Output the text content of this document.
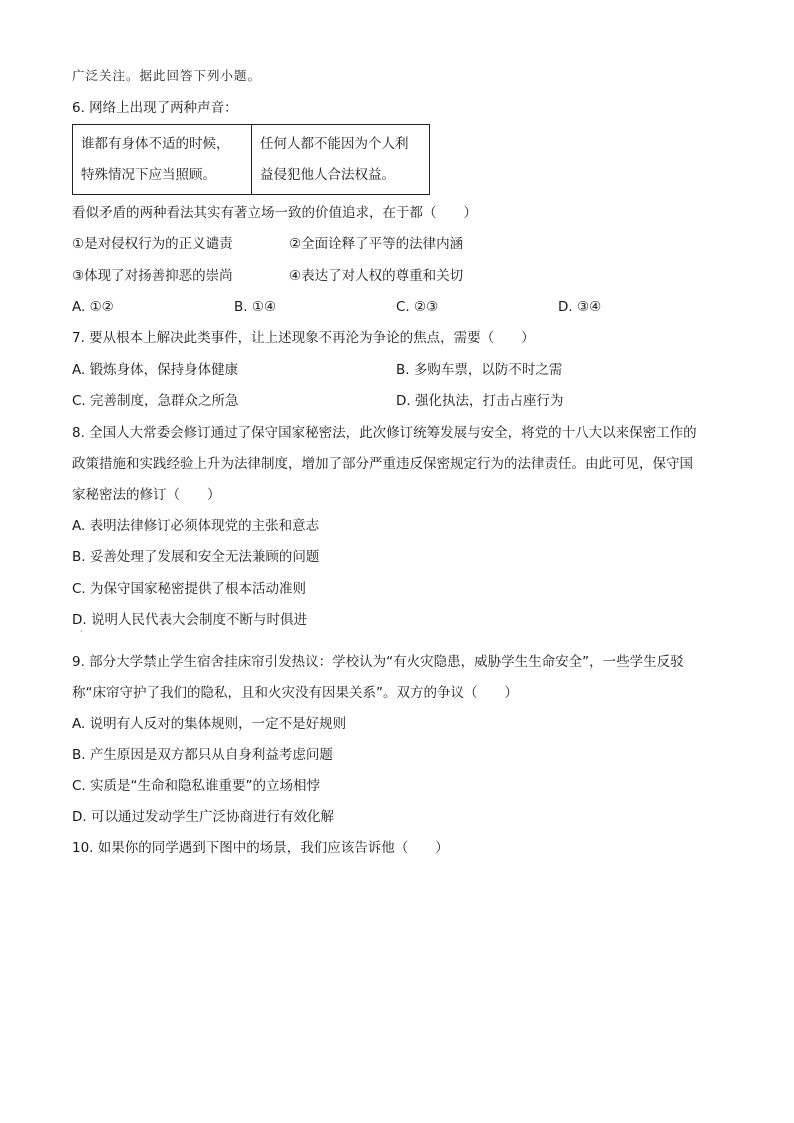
广泛关注。据此回答下列小题。
6. 网络上出现了两种声音：
谁都有身体不适的时候，
特殊情况下应当照顾。

任何人都不能因为个人利
益侵犯他人合法权益。
看似矛盾的两种看法其实有著立场一致的价值追求，在于都（　　）
①是对侵权行为的正义谴责	②全面诠释了平等的法律内涵
③体现了对扬善抑恶的崇尚	④表达了对人权的尊重和关切
A. ①②	B. ①④	C. ②③	D. ③④
7. 要从根本上解决此类事件，让上述现象不再沦为争论的焦点，需要（　　）
A. 锻炼身体，保持身体健康	B. 多购车票，以防不时之需
C. 完善制度，急群众之所急	D. 强化执法，打击占座行为
8. 全国人大常委会修订通过了保守国家秘密法，此次修订统筹发展与安全，将党的十八大以来保密工作的
政策措施和实践经验上升为法律制度，增加了部分严重违反保密规定行为的法律责任。由此可见，保守国
家秘密法的修订（　　）
A. 表明法律修订必须体现党的主张和意志
B. 妥善处理了发展和安全无法兼顾的问题
C. 为保守国家秘密提供了根本活动准则
D. 说明人民代表大会制度不断与时俱进
·
9. 部分大学禁止学生宿舍挂床帘引发热议：学校认为“有火灾隐患，威胁学生生命安全”，一些学生反驳
称“床帘守护了我们的隐私，且和火灾没有因果关系”。双方的争议（　　）
A. 说明有人反对的集体规则，一定不是好规则
B. 产生原因是双方都只从自身利益考虑问题
C. 实质是“生命和隐私谁重要”的立场相悖
D. 可以通过发动学生广泛协商进行有效化解
10. 如果你的同学遇到下图中的场景，我们应该告诉他（　　）
